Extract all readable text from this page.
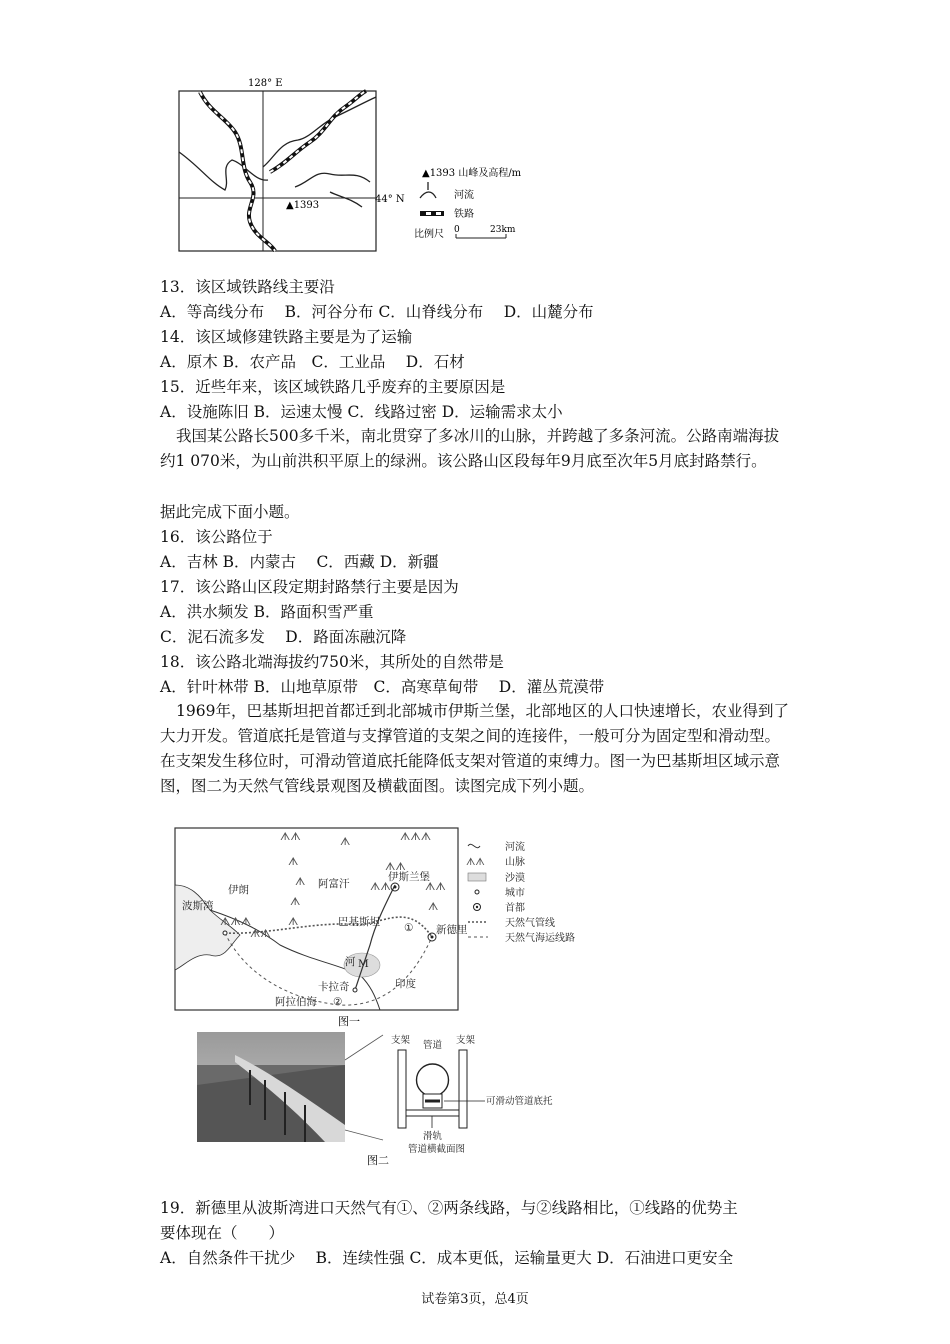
128° E
44° N
▲1393
▲1393 山峰及高程/m
河流
铁路
比例尺 0	23km
13．该区域铁路线主要沿
A．等高线分布　 B．河谷分布 C．山脊线分布　 D．山麓分布
14．该区域修建铁路主要是为了运输
A．原木 B．农产品　C．工业品　 D．石材
15．近些年来，该区域铁路几乎废弃的主要原因是
A．设施陈旧 B．运速太慢 C．线路过密 D．运输需求太小
我国某公路长500多千米，南北贯穿了多冰川的山脉，并跨越了多条河流。公路南端海拔约1 070米，为山前洪积平原上的绿洲。该公路山区段每年9月底至次年5月底封路禁行。
据此完成下面小题。
16．该公路位于
A．吉林 B．内蒙古　 C．西藏 D．新疆
17．该公路山区段定期封路禁行主要是因为
A．洪水频发 B．路面积雪严重
C．泥石流多发　 D．路面冻融沉降
18．该公路北端海拔约750米，其所处的自然带是
A．针叶林带 B．山地草原带　C．高寒草甸带　 D．灌丛荒漠带
1969年，巴基斯坦把首都迁到北部城市伊斯兰堡，北部地区的人口快速增长，农业得到了大力开发。管道底托是管道与支撑管道的支架之间的连接件，一般可分为固定型和滑动型。在支架发生移位时，可滑动管道底托能降低支架对管道的束缚力。图一为巴基斯坦区域示意图，图二为天然气管线景观图及横截面图。读图完成下列小题。
ᗑᗑ	ᗑ	ᗑᗑᗑ
ᗑ
ᗑ
ᗑ
ᗑ
ᗑᗑ
ᗑᗑ
ᗑᗑᗑ
ᗑᗑ
ᗑᗑ
ᗑ
伊朗	阿富汗
伊斯兰堡
波斯湾
巴基斯坦
河
卡拉奇
阿拉伯海
印度
新德里
①
②
M
河流
ᗑᗑ 山脉
沙漠
城市
首都
天然气管线
天然气海运线路
图一
支架 管道 支架
可滑动管道底托
滑轨
管道横截面图
图二
19．新德里从波斯湾进口天然气有①、②两条线路，与②线路相比，①线路的优势主
要体现在（　　）
A．自然条件干扰少　 B．连续性强 C．成本更低，运输量更大 D．石油进口更安全
试卷第3页，总4页
